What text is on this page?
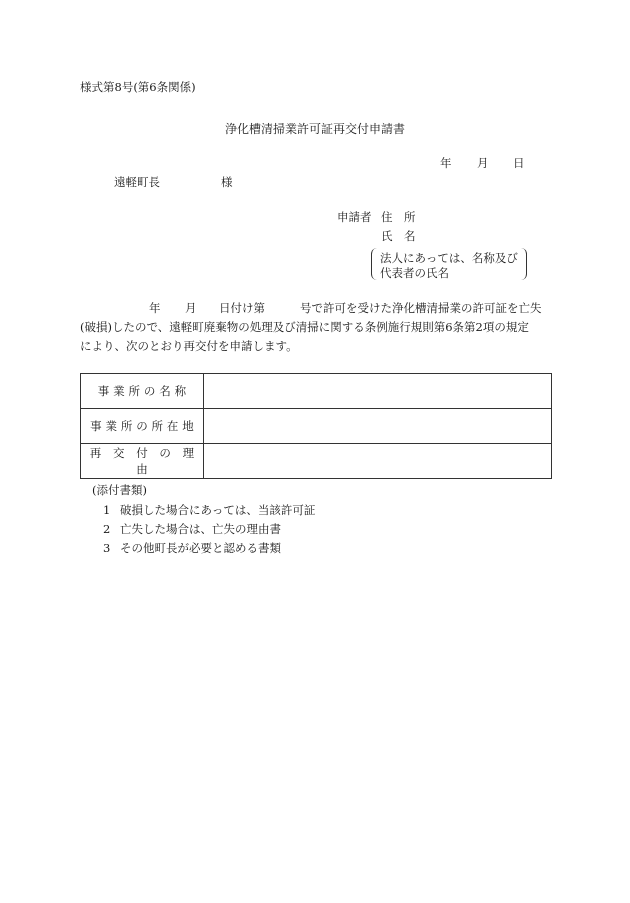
様式第8号(第6条関係)
浄化槽清掃業許可証再交付申請書
年 月 日
遠軽町長	様
申請者 住　所
氏　名
法人にあっては、名称及び
代表者の氏名
年 月 日付け第	号で許可を受けた浄化槽清掃業の許可証を亡失
(破損)したので、遠軽町廃棄物の処理及び清掃に関する条例施行規則第6条第2項の規定
により、次のとおり再交付を申請します。
事 業 所 の 名 称	
事 業 所 の 所 在 地	
再　交　付　の　理　由	
(添付書類)
1 破損した場合にあっては、当該許可証
2 亡失した場合は、亡失の理由書
3 その他町長が必要と認める書類
